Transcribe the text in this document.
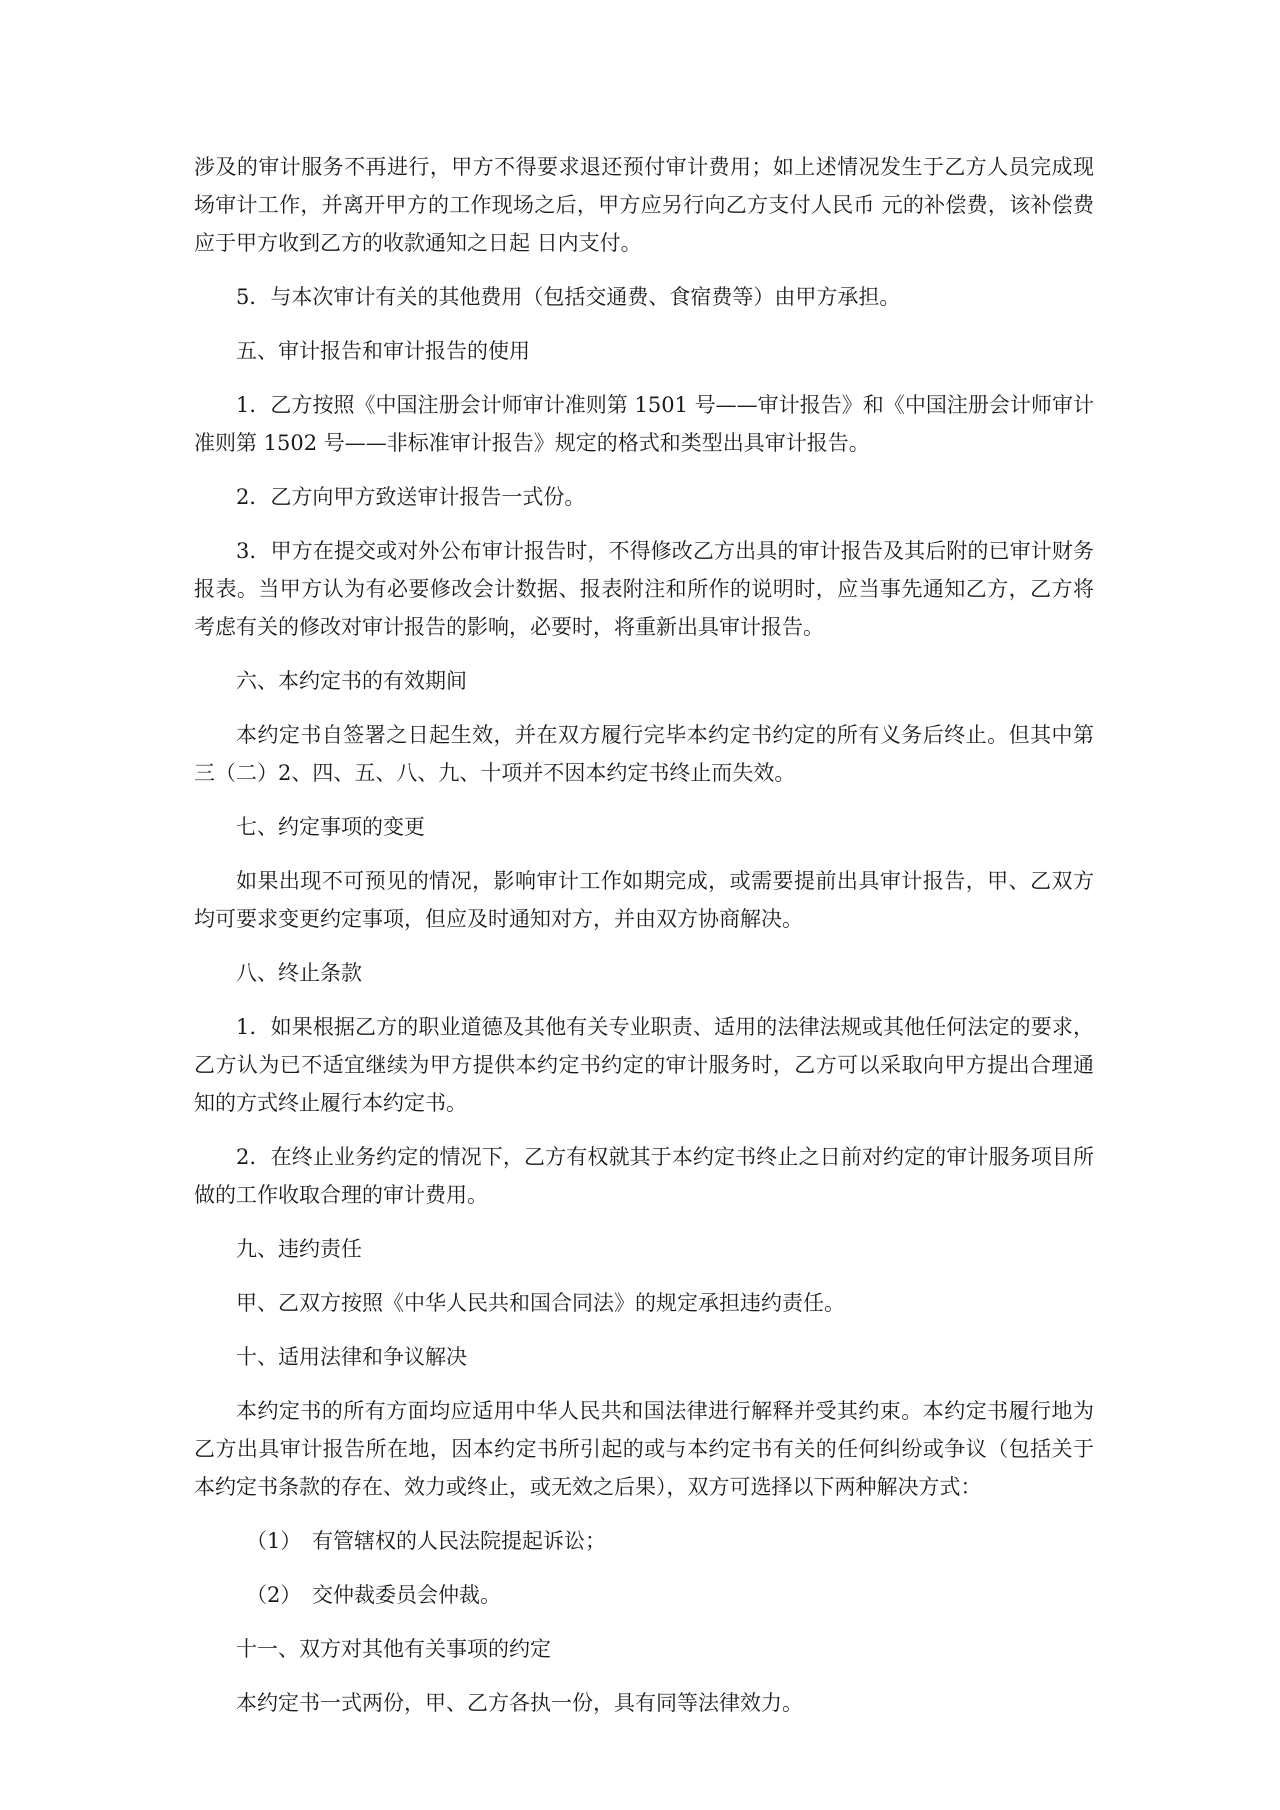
涉及的审计服务不再进行，甲方不得要求退还预付审计费用；如上述情况发生于乙方人员完成现场审计工作，并离开甲方的工作现场之后，甲方应另行向乙方支付人民币 元的补偿费，该补偿费应于甲方收到乙方的收款通知之日起 日内支付。

5．与本次审计有关的其他费用（包括交通费、食宿费等）由甲方承担。

五、审计报告和审计报告的使用

1．乙方按照《中国注册会计师审计准则第 1501 号——审计报告》和《中国注册会计师审计准则第 1502 号——非标准审计报告》规定的格式和类型出具审计报告。

2．乙方向甲方致送审计报告一式份。

3．甲方在提交或对外公布审计报告时，不得修改乙方出具的审计报告及其后附的已审计财务报表。当甲方认为有必要修改会计数据、报表附注和所作的说明时，应当事先通知乙方，乙方将考虑有关的修改对审计报告的影响，必要时，将重新出具审计报告。

六、本约定书的有效期间

本约定书自签署之日起生效，并在双方履行完毕本约定书约定的所有义务后终止。但其中第三（二）2、四、五、八、九、十项并不因本约定书终止而失效。

七、约定事项的变更

如果出现不可预见的情况，影响审计工作如期完成，或需要提前出具审计报告，甲、乙双方均可要求变更约定事项，但应及时通知对方，并由双方协商解决。

八、终止条款

1．如果根据乙方的职业道德及其他有关专业职责、适用的法律法规或其他任何法定的要求，乙方认为已不适宜继续为甲方提供本约定书约定的审计服务时，乙方可以采取向甲方提出合理通知的方式终止履行本约定书。

2．在终止业务约定的情况下，乙方有权就其于本约定书终止之日前对约定的审计服务项目所做的工作收取合理的审计费用。

九、违约责任

甲、乙双方按照《中华人民共和国合同法》的规定承担违约责任。

十、适用法律和争议解决

本约定书的所有方面均应适用中华人民共和国法律进行解释并受其约束。本约定书履行地为乙方出具审计报告所在地，因本约定书所引起的或与本约定书有关的任何纠纷或争议（包括关于本约定书条款的存在、效力或终止，或无效之后果），双方可选择以下两种解决方式：

（1） 有管辖权的人民法院提起诉讼；

（2） 交仲裁委员会仲裁。

十一、双方对其他有关事项的约定

本约定书一式两份，甲、乙方各执一份，具有同等法律效力。
